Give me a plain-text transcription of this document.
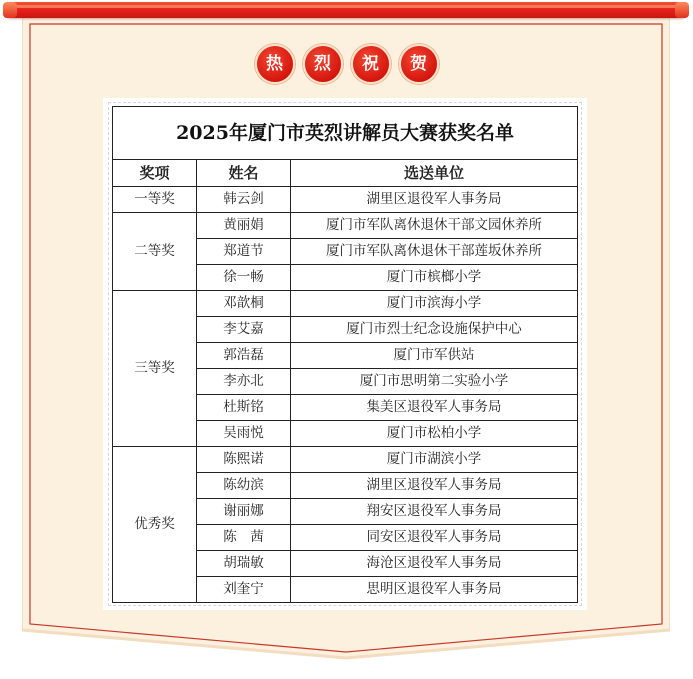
热	烈	祝	贺
2025年厦门市英烈讲解员大赛获奖名单		
奖项	姓名	选送单位
一等奖	韩云剑	湖里区退役军人事务局
二等奖	黄丽娟	厦门市军队离休退休干部文园休养所
	郑道节	厦门市军队离休退休干部莲坂休养所
	徐一畅	厦门市槟榔小学
三等奖	邓歆桐	厦门市滨海小学
	李艾嘉	厦门市烈士纪念设施保护中心
	郭浩磊	厦门市军供站
	李亦北	厦门市思明第二实验小学
	杜斯铭	集美区退役军人事务局
	吴雨悦	厦门市松柏小学
优秀奖	陈熙诺	厦门市湖滨小学
	陈幼滨	湖里区退役军人事务局
	谢丽娜	翔安区退役军人事务局
	陈　茜	同安区退役军人事务局
	胡瑞敏	海沧区退役军人事务局
	刘奎宁	思明区退役军人事务局
